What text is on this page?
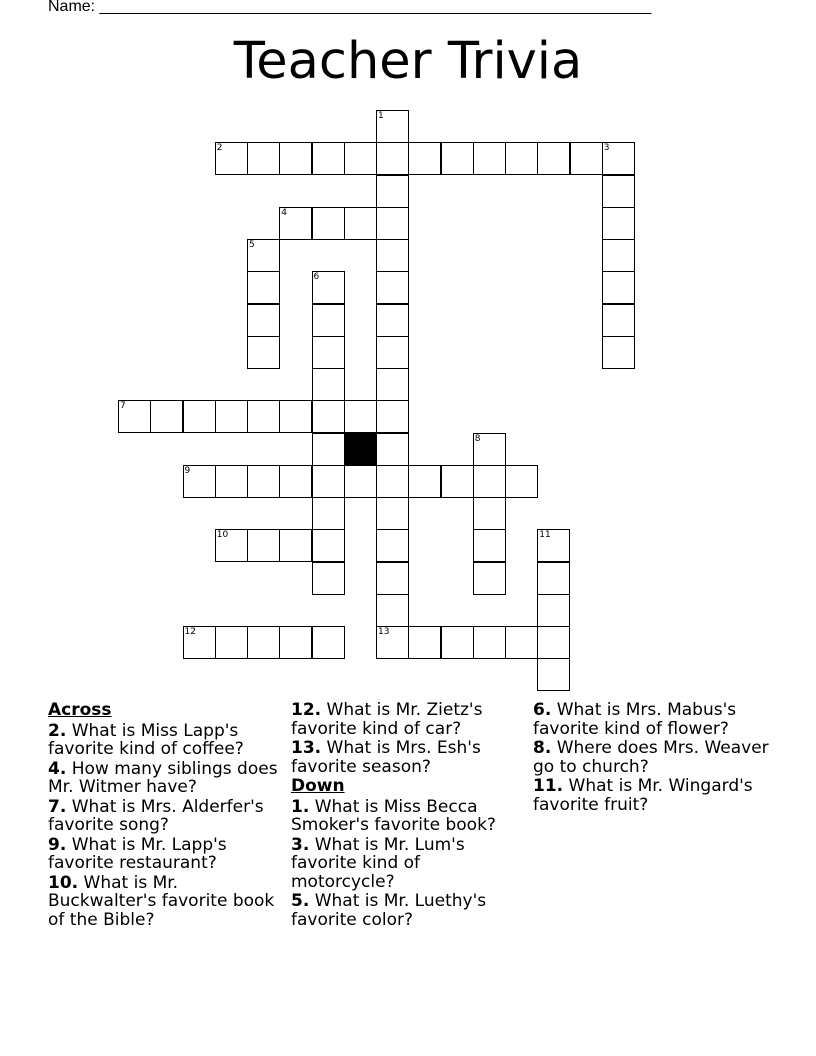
Name: ______________________________________________________________
Teacher Trivia
1
13
2	3
4
5
6
7
8
9
10	11
12
Across
2. What is Miss Lapp's favorite kind of coffee?
4. How many siblings does Mr. Witmer have?
7. What is Mrs. Alderfer's favorite song?
9. What is Mr. Lapp's favorite restaurant?
10. What is Mr. Buckwalter's favorite book of the Bible?
12. What is Mr. Zietz's favorite kind of car?
13. What is Mrs. Esh's favorite season?
Down
1. What is Miss Becca Smoker's favorite book?
3. What is Mr. Lum's favorite kind of motorcycle?
5. What is Mr. Luethy's favorite color?
6. What is Mrs. Mabus's favorite kind of flower?
8. Where does Mrs. Weaver go to church?
11. What is Mr. Wingard's favorite fruit?
